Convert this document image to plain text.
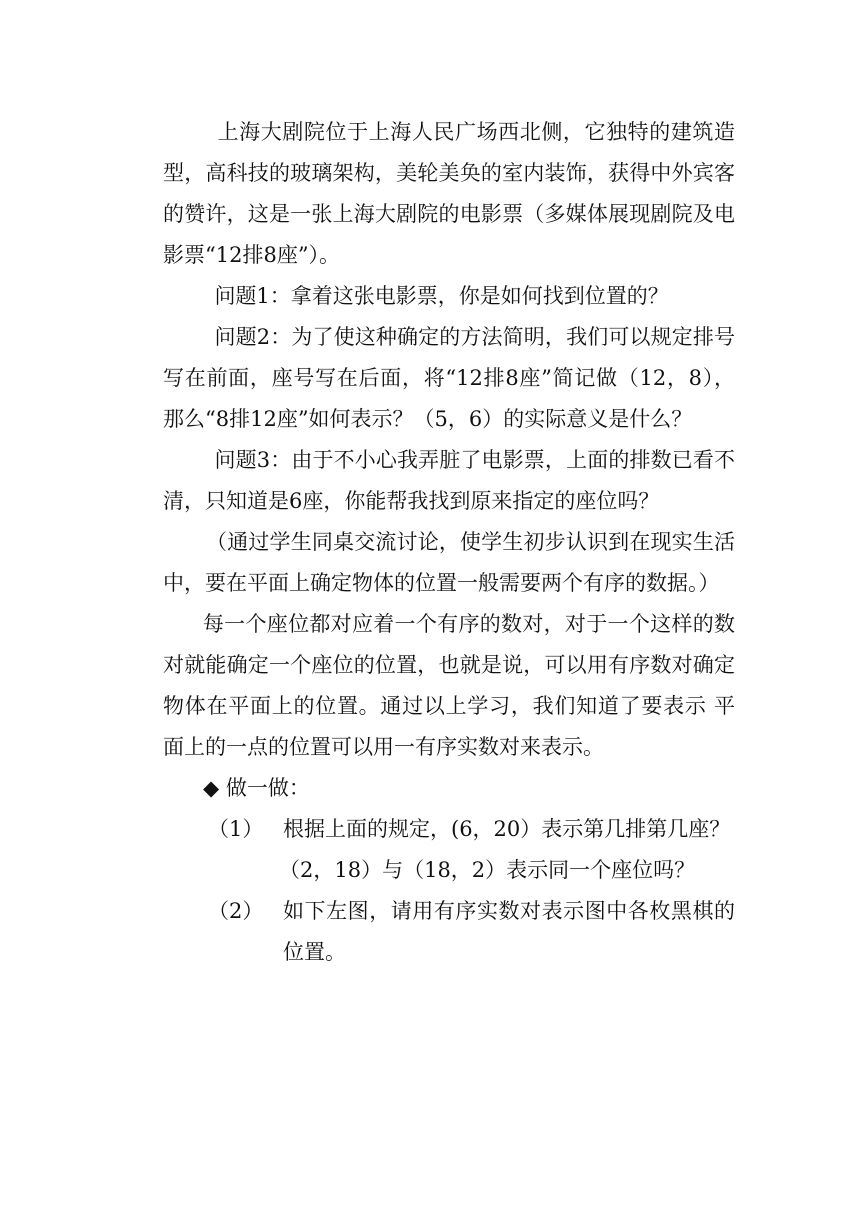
上海大剧院位于上海人民广场西北侧，它独特的建筑造型，高科技的玻璃架构，美轮美奂的室内装饰，获得中外宾客的赞许，这是一张上海大剧院的电影票（多媒体展现剧院及电影票“12排8座”）。

问题1：拿着这张电影票，你是如何找到位置的？

问题2：为了使这种确定的方法简明，我们可以规定排号写在前面，座号写在后面，将“12排8座”简记做（12，8），那么“8排12座”如何表示？（5，6）的实际意义是什么？

问题3：由于不小心我弄脏了电影票，上面的排数已看不清，只知道是6座，你能帮我找到原来指定的座位吗？

（通过学生同桌交流讨论，使学生初步认识到在现实生活中，要在平面上确定物体的位置一般需要两个有序的数据。）

每一个座位都对应着一个有序的数对，对于一个这样的数对就能确定一个座位的位置，也就是说，可以用有序数对确定物体在平面上的位置。通过以上学习，我们知道了要表示 平面上的一点的位置可以用一有序实数对来表示。

◆ 做一做：
（1） 根据上面的规定，(6，20）表示第几排第几座？
（2，18）与（18，2）表示同一个座位吗？
（2） 如下左图，请用有序实数对表示图中各枚黑棋的位置。
